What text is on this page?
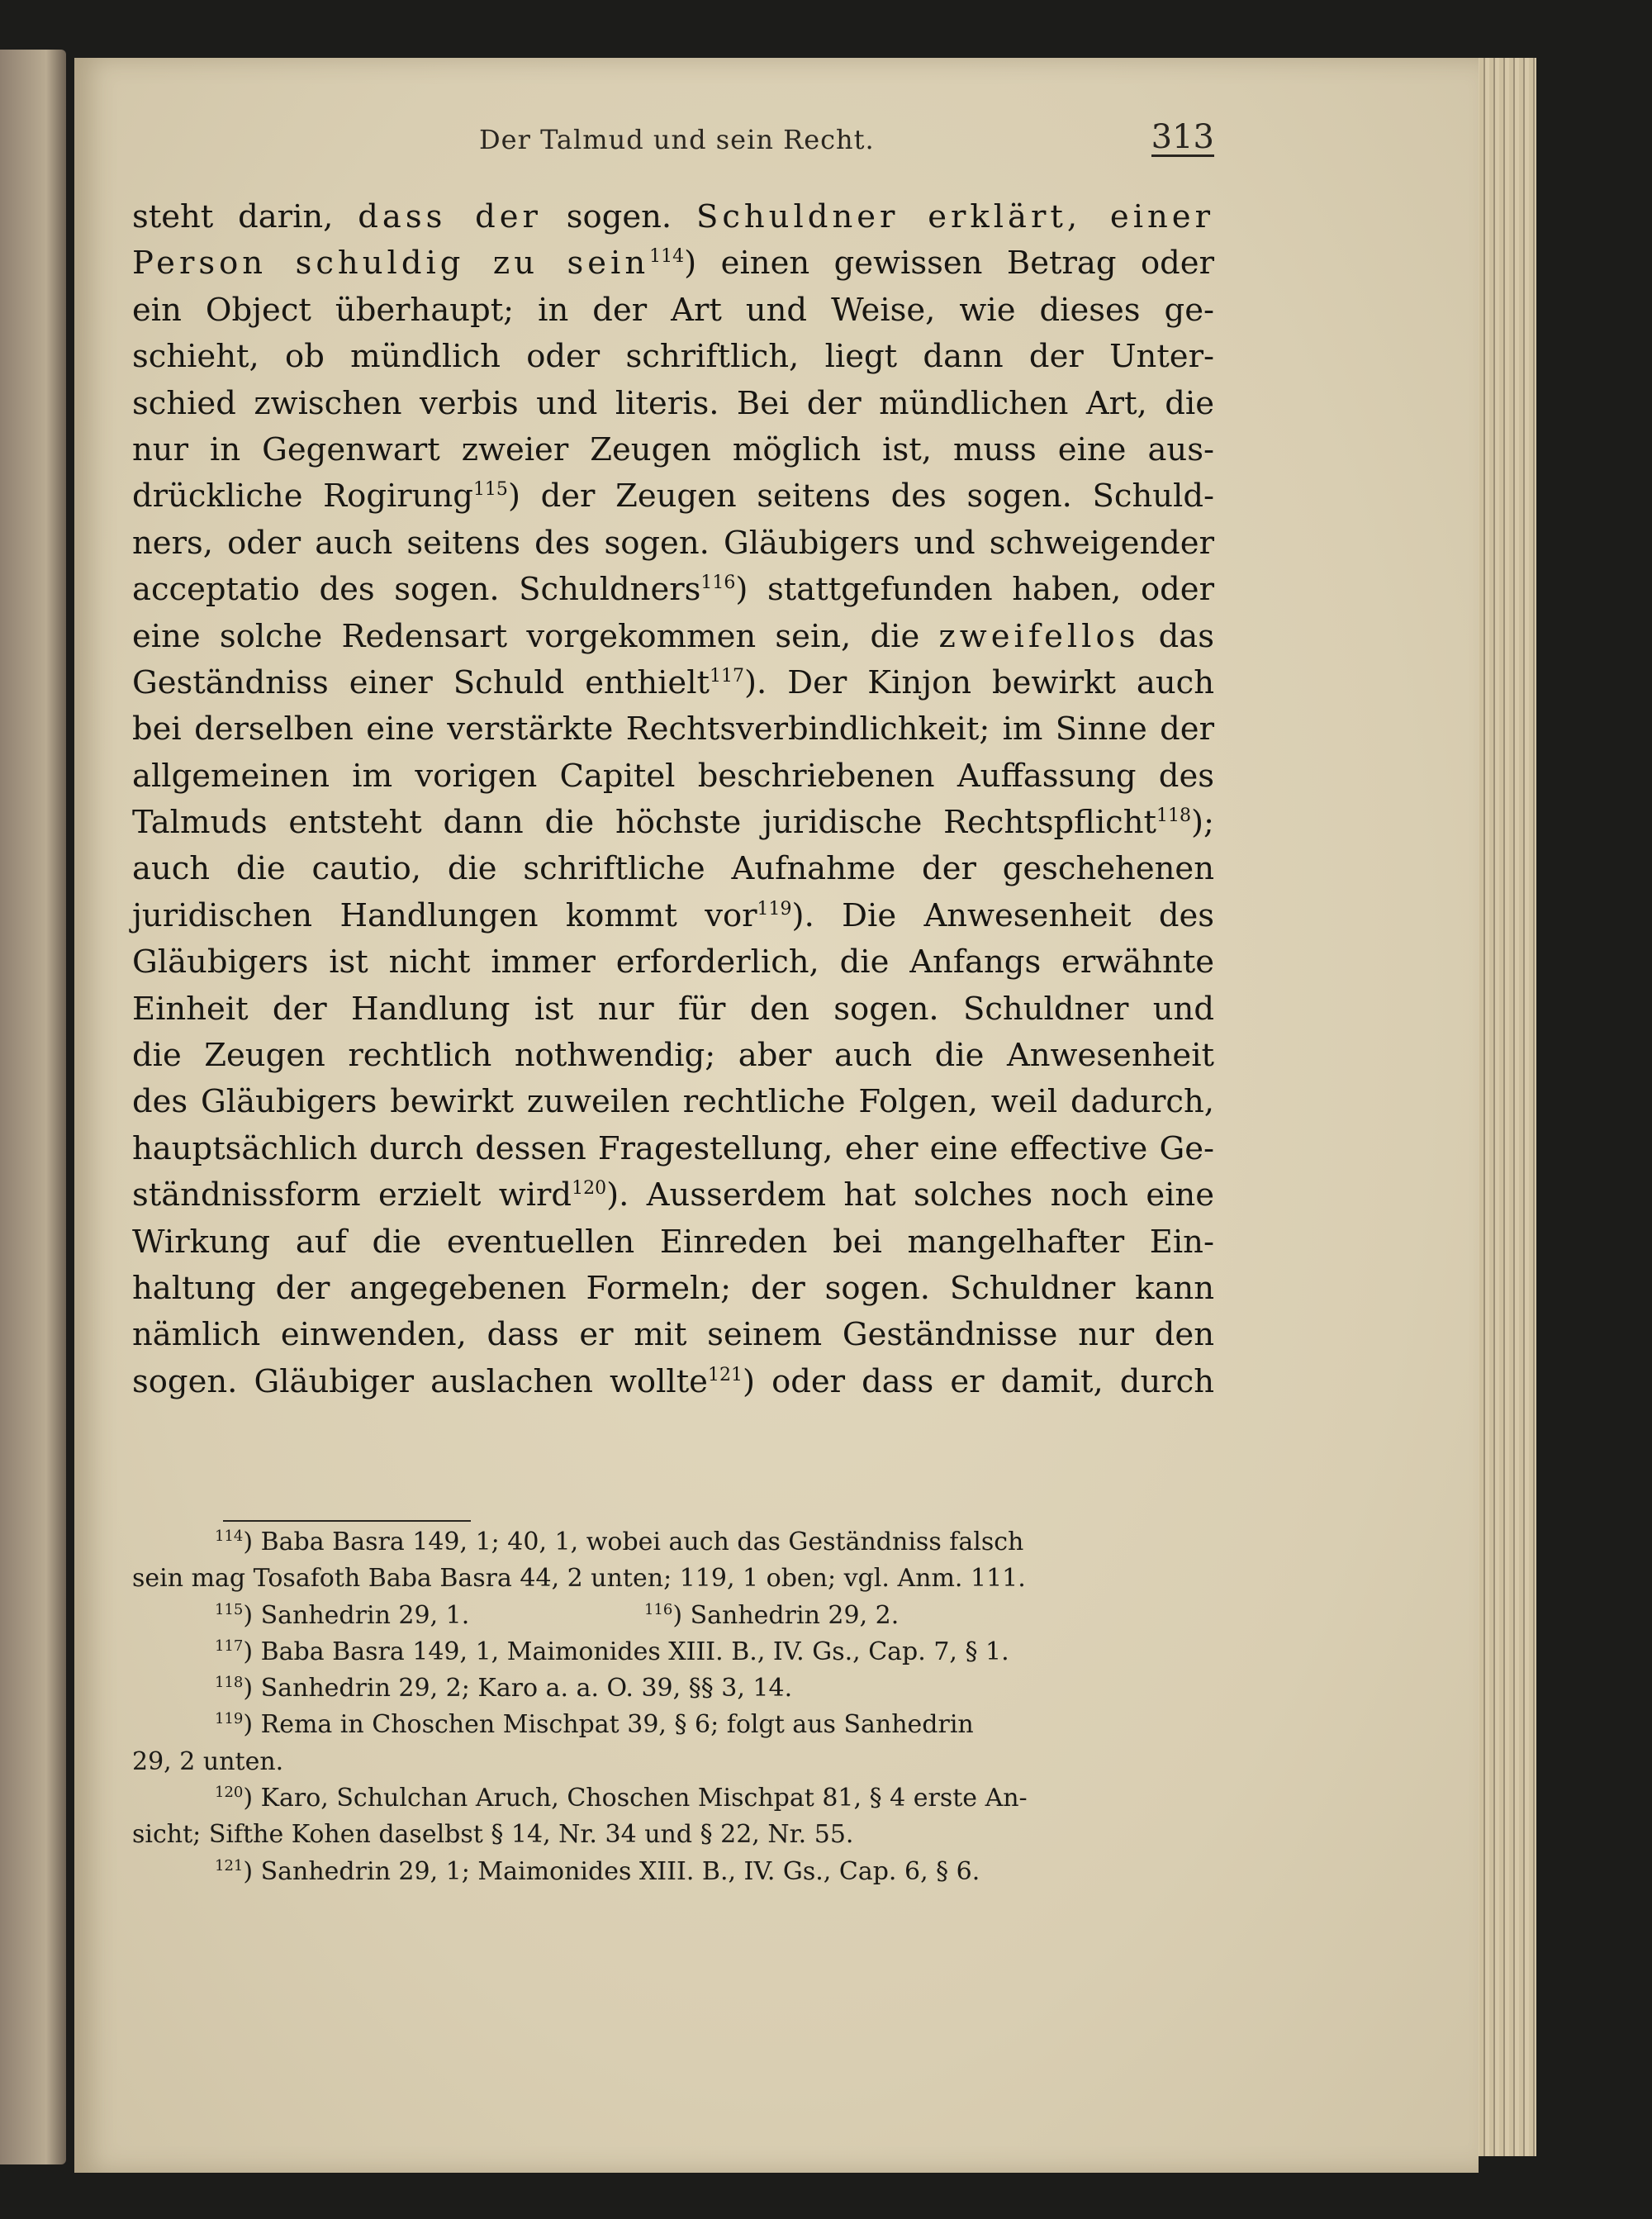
Der Talmud und sein Recht.	313
steht darin, dass der sogen. Schuldner erklärt, einer
Person schuldig zu sein$^{114}$) einen gewissen Betrag oder
ein Object überhaupt; in der Art und Weise, wie dieses ge-
schieht, ob mündlich oder schriftlich, liegt dann der Unter-
schied zwischen verbis und literis. Bei der mündlichen Art, die
nur in Gegenwart zweier Zeugen möglich ist, muss eine aus-
drückliche Rogirung$^{115}$) der Zeugen seitens des sogen. Schuld-
ners, oder auch seitens des sogen. Gläubigers und schweigender
acceptatio des sogen. Schuldners$^{116}$) stattgefunden haben, oder
eine solche Redensart vorgekommen sein, die zweifellos das
Geständniss einer Schuld enthielt$^{117}$). Der Kinjon bewirkt auch
bei derselben eine verstärkte Rechtsverbindlichkeit; im Sinne der
allgemeinen im vorigen Capitel beschriebenen Auffassung des
Talmuds entsteht dann die höchste juridische Rechtspflicht$^{118}$);
auch die cautio, die schriftliche Aufnahme der geschehenen
juridischen Handlungen kommt vor$^{119}$). Die Anwesenheit des
Gläubigers ist nicht immer erforderlich, die Anfangs erwähnte
Einheit der Handlung ist nur für den sogen. Schuldner und
die Zeugen rechtlich nothwendig; aber auch die Anwesenheit
des Gläubigers bewirkt zuweilen rechtliche Folgen, weil dadurch,
hauptsächlich durch dessen Fragestellung, eher eine effective Ge-
ständnissform erzielt wird$^{120}$). Ausserdem hat solches noch eine
Wirkung auf die eventuellen Einreden bei mangelhafter Ein-
haltung der angegebenen Formeln; der sogen. Schuldner kann
nämlich einwenden, dass er mit seinem Geständnisse nur den
sogen. Gläubiger auslachen wollte$^{121}$) oder dass er damit, durch
$^{114}$) Baba Basra 149, 1; 40, 1, wobei auch das Geständniss falsch
sein mag Tosafoth Baba Basra 44, 2 unten; 119, 1 oben; vgl. Anm. 111.
$^{115}$) Sanhedrin 29, 1.	$^{116}$) Sanhedrin 29, 2.
$^{117}$) Baba Basra 149, 1, Maimonides XIII. B., IV. Gs., Cap. 7, § 1.
$^{118}$) Sanhedrin 29, 2; Karo a. a. O. 39, §§ 3, 14.
$^{119}$) Rema in Choschen Mischpat 39, § 6; folgt aus Sanhedrin
29, 2 unten.
$^{120}$) Karo, Schulchan Aruch, Choschen Mischpat 81, § 4 erste An-
sicht; Sifthe Kohen daselbst § 14, Nr. 34 und § 22, Nr. 55.
$^{121}$) Sanhedrin 29, 1; Maimonides XIII. B., IV. Gs., Cap. 6, § 6.
